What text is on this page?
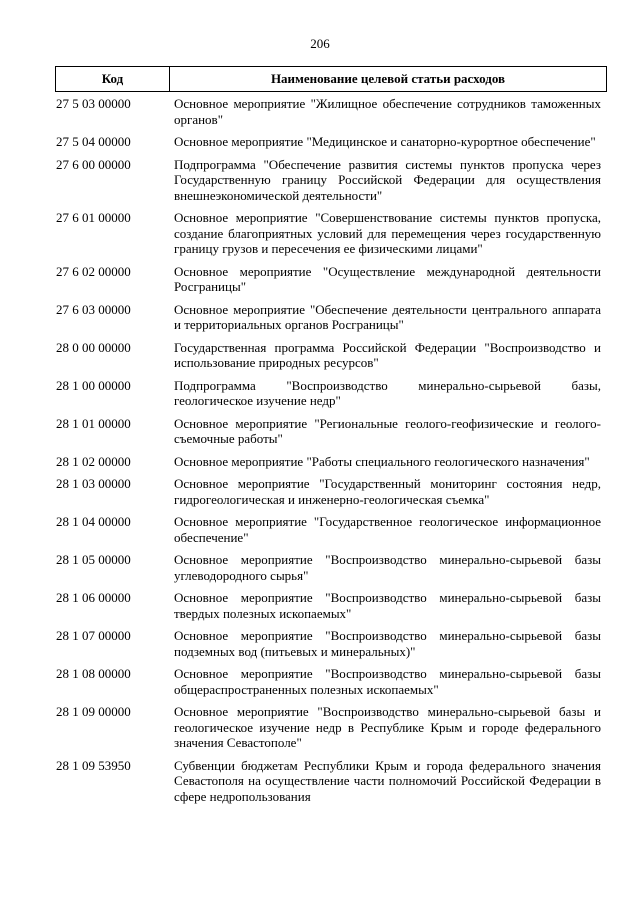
206
Код	Наименование целевой статьи расходов
27 5 03 00000	Основное мероприятие "Жилищное обеспечение сотрудников таможенных органов"
27 5 04 00000	Основное мероприятие "Медицинское и санаторно-курортное обеспечение"
27 6 00 00000	Подпрограмма "Обеспечение развития системы пунктов пропуска через Государственную границу Российской Федерации для осуществления внешнеэкономической деятельности"
27 6 01 00000	Основное мероприятие "Совершенствование системы пунктов пропуска, создание благоприятных условий для перемещения через государственную границу грузов и пересечения ее физическими лицами"
27 6 02 00000	Основное мероприятие "Осуществление международной деятельности Росграницы"
27 6 03 00000	Основное мероприятие "Обеспечение деятельности центрального аппарата и территориальных органов Росграницы"
28 0 00 00000	Государственная программа Российской Федерации "Воспроизводство и использование природных ресурсов"
28 1 00 00000	Подпрограмма "Воспроизводство минерально-сырьевой базы, геологическое изучение недр"
28 1 01 00000	Основное мероприятие "Региональные геолого-геофизические и геолого-съемочные работы"
28 1 02 00000	Основное мероприятие "Работы специального геологического назначения"
28 1 03 00000	Основное мероприятие "Государственный мониторинг состояния недр, гидрогеологическая и инженерно-геологическая съемка"
28 1 04 00000	Основное мероприятие "Государственное геологическое информационное обеспечение"
28 1 05 00000	Основное мероприятие "Воспроизводство минерально-сырьевой базы углеводородного сырья"
28 1 06 00000	Основное мероприятие "Воспроизводство минерально-сырьевой базы твердых полезных ископаемых"
28 1 07 00000	Основное мероприятие "Воспроизводство минерально-сырьевой базы подземных вод (питьевых и минеральных)"
28 1 08 00000	Основное мероприятие "Воспроизводство минерально-сырьевой базы общераспространенных полезных ископаемых"
28 1 09 00000	Основное мероприятие "Воспроизводство минерально-сырьевой базы и геологическое изучение недр в Республике Крым и городе федерального значения Севастополе"
28 1 09 53950	Субвенции бюджетам Республики Крым и города федерального значения Севастополя на осуществление части полномочий Российской Федерации в сфере недропользования
